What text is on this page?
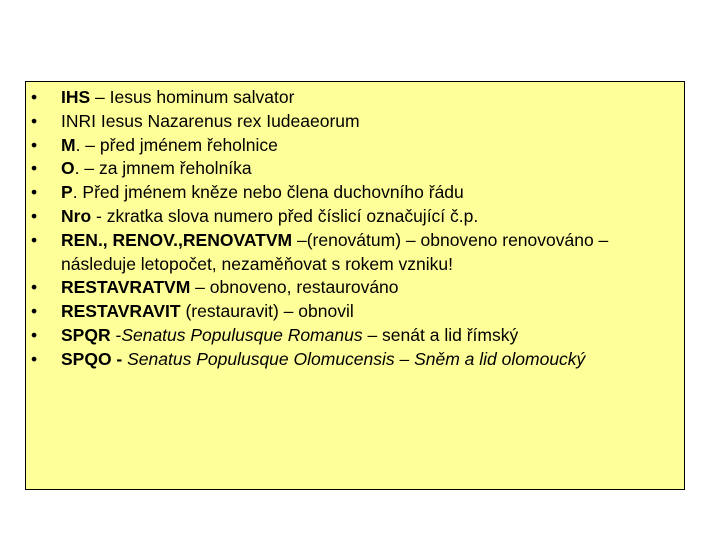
• IHS – Iesus hominum salvator
• INRI Iesus Nazarenus rex Iudeaeorum
• M. – před jménem řeholnice
• O. – za jmnem řeholníka
• P. Před jménem kněze nebo člena duchovního řádu
• Nro - zkratka slova numero před číslicí označující č.p.
• REN., RENOV.,RENOVATVM –(renovátum) – obnoveno renovováno – následuje letopočet, nezaměňovat s rokem vzniku!
• RESTAVRATVM – obnoveno, restaurováno
• RESTAVRAVIT (restauravit) – obnovil
• SPQR -Senatus Populusque Romanus – senát a lid římský
• SPQO - Senatus Populusque Olomucensis – Sněm a lid olomoucký
